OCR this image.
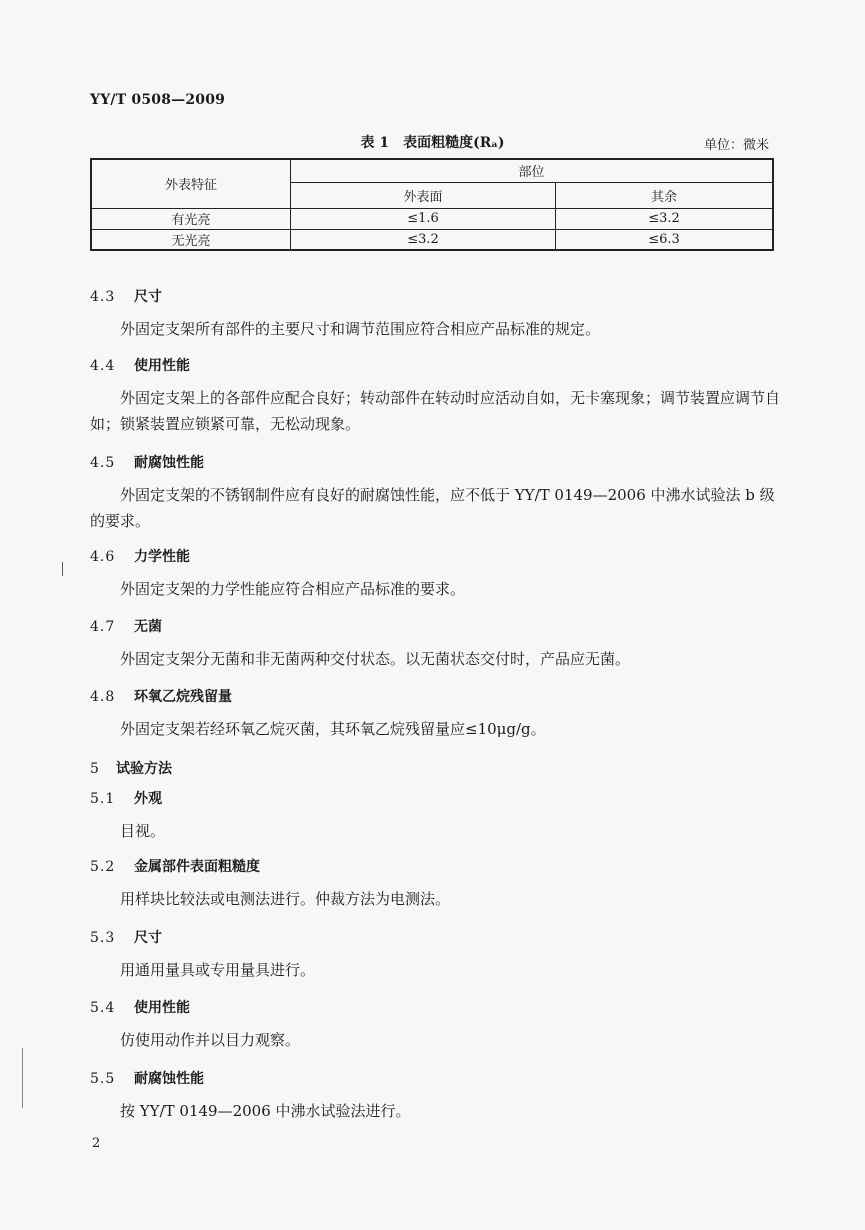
YY/T 0508—2009
表 1　表面粗糙度(Rₐ)	单位：微米
外表特征	部位	
	外表面	其余
有光亮	≤1.6	≤3.2
无光亮	≤3.2	≤6.3
4.3 尺寸
外固定支架所有部件的主要尺寸和调节范围应符合相应产品标准的规定。
4.4 使用性能
外固定支架上的各部件应配合良好；转动部件在转动时应活动自如，无卡塞现象；调节装置应调节自如；锁紧装置应锁紧可靠，无松动现象。
4.5 耐腐蚀性能
外固定支架的不锈钢制件应有良好的耐腐蚀性能，应不低于 YY/T 0149—2006 中沸水试验法 b 级的要求。
4.6 力学性能
外固定支架的力学性能应符合相应产品标准的要求。
4.7 无菌
外固定支架分无菌和非无菌两种交付状态。以无菌状态交付时，产品应无菌。
4.8 环氧乙烷残留量
外固定支架若经环氧乙烷灭菌，其环氧乙烷残留量应≤10μg/g。
5 试验方法
5.1 外观
目视。
5.2 金属部件表面粗糙度
用样块比较法或电测法进行。仲裁方法为电测法。
5.3 尺寸
用通用量具或专用量具进行。
5.4 使用性能
仿使用动作并以目力观察。
5.5 耐腐蚀性能
按 YY/T 0149—2006 中沸水试验法进行。
2
